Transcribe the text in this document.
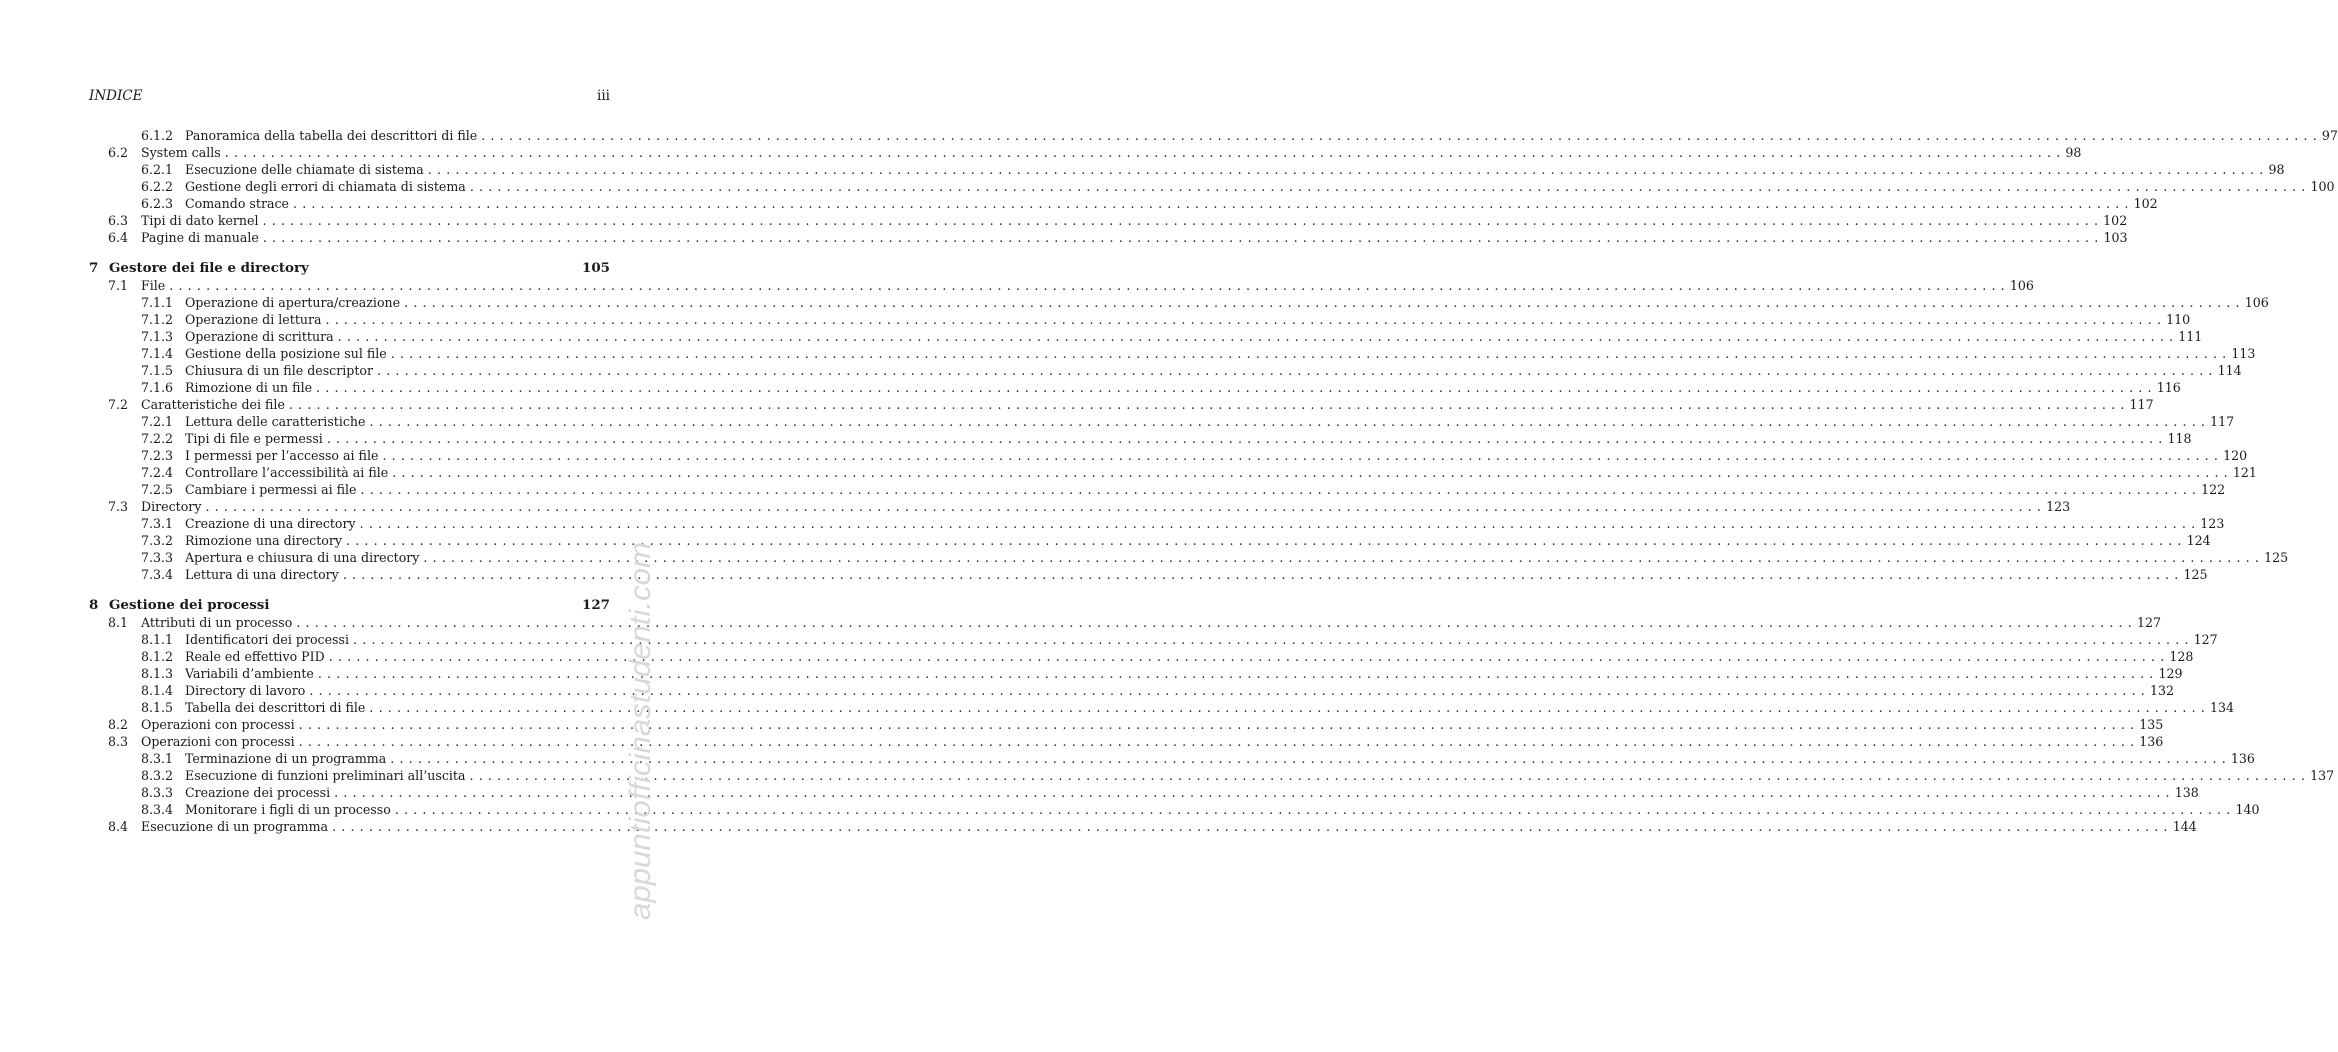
INDICE	iii
6.1.2 Panoramica della tabella dei descrittori di file ........................................................................................................................................................................................................ 97
6.2 System calls ........................................................................................................................................................................................................ 98
6.2.1 Esecuzione delle chiamate di sistema ........................................................................................................................................................................................................ 98
6.2.2 Gestione degli errori di chiamata di sistema ........................................................................................................................................................................................................ 100
6.2.3 Comando strace ........................................................................................................................................................................................................ 102
6.3 Tipi di dato kernel ........................................................................................................................................................................................................ 102
6.4 Pagine di manuale ........................................................................................................................................................................................................ 103
7 Gestore dei file e directory	105
7.1 File ........................................................................................................................................................................................................ 106
7.1.1 Operazione di apertura/creazione ........................................................................................................................................................................................................ 106
7.1.2 Operazione di lettura ........................................................................................................................................................................................................ 110
7.1.3 Operazione di scrittura ........................................................................................................................................................................................................ 111
7.1.4 Gestione della posizione sul file ........................................................................................................................................................................................................ 113
7.1.5 Chiusura di un file descriptor ........................................................................................................................................................................................................ 114
7.1.6 Rimozione di un file ........................................................................................................................................................................................................ 116
7.2 Caratteristiche dei file ........................................................................................................................................................................................................ 117
7.2.1 Lettura delle caratteristiche ........................................................................................................................................................................................................ 117
7.2.2 Tipi di file e permessi ........................................................................................................................................................................................................ 118
7.2.3 I permessi per l’accesso ai file ........................................................................................................................................................................................................ 120
7.2.4 Controllare l’accessibilità ai file ........................................................................................................................................................................................................ 121
7.2.5 Cambiare i permessi ai file ........................................................................................................................................................................................................ 122
7.3 Directory ........................................................................................................................................................................................................ 123
7.3.1 Creazione di una directory ........................................................................................................................................................................................................ 123
7.3.2 Rimozione una directory ........................................................................................................................................................................................................ 124
7.3.3 Apertura e chiusura di una directory ........................................................................................................................................................................................................ 125
7.3.4 Lettura di una directory ........................................................................................................................................................................................................ 125
8 Gestione dei processi	127
8.1 Attributi di un processo ........................................................................................................................................................................................................ 127
8.1.1 Identificatori dei processi ........................................................................................................................................................................................................ 127
8.1.2 Reale ed effettivo PID ........................................................................................................................................................................................................ 128
8.1.3 Variabili d’ambiente ........................................................................................................................................................................................................ 129
8.1.4 Directory di lavoro ........................................................................................................................................................................................................ 132
8.1.5 Tabella dei descrittori di file ........................................................................................................................................................................................................ 134
8.2 Operazioni con processi ........................................................................................................................................................................................................ 135
8.3 Operazioni con processi ........................................................................................................................................................................................................ 136
8.3.1 Terminazione di un programma ........................................................................................................................................................................................................ 136
8.3.2 Esecuzione di funzioni preliminari all’uscita ........................................................................................................................................................................................................ 137
8.3.3 Creazione dei processi ........................................................................................................................................................................................................ 138
8.3.4 Monitorare i figli di un processo ........................................................................................................................................................................................................ 140
8.4 Esecuzione di un programma ........................................................................................................................................................................................................ 144
appuntiofficinastudenti.com
